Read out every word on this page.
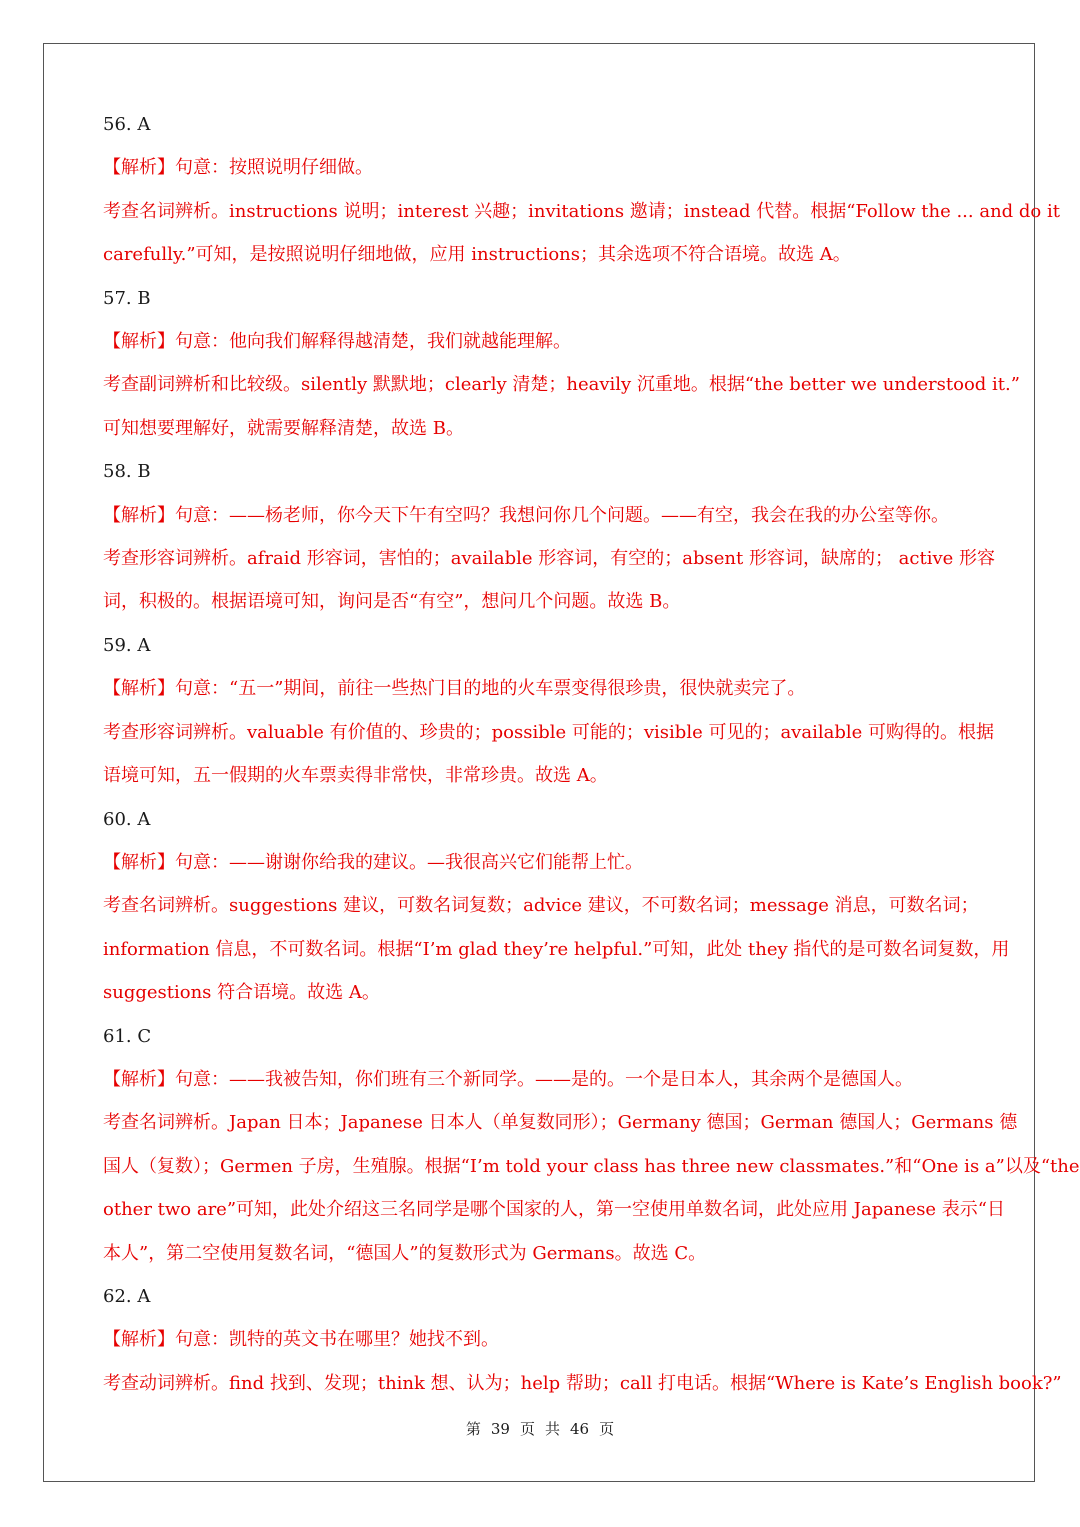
56. A
【解析】句意：按照说明仔细做。
考查名词辨析。instructions 说明；interest 兴趣；invitations 邀请；instead 代替。根据“Follow the ... and do it
carefully.”可知，是按照说明仔细地做，应用 instructions；其余选项不符合语境。故选 A。
57. B
【解析】句意：他向我们解释得越清楚，我们就越能理解。
考查副词辨析和比较级。silently 默默地；clearly 清楚；heavily 沉重地。根据“the better we understood it.”
可知想要理解好，就需要解释清楚，故选 B。
58. B
【解析】句意：——杨老师，你今天下午有空吗？我想问你几个问题。——有空，我会在我的办公室等你。
考查形容词辨析。afraid 形容词，害怕的；available 形容词，有空的；absent 形容词，缺席的； active 形容
词，积极的。根据语境可知，询问是否“有空”，想问几个问题。故选 B。
59. A
【解析】句意：“五一”期间，前往一些热门目的地的火车票变得很珍贵，很快就卖完了。
考查形容词辨析。valuable 有价值的、珍贵的；possible 可能的；visible 可见的；available 可购得的。根据
语境可知，五一假期的火车票卖得非常快，非常珍贵。故选 A。
60. A
【解析】句意：——谢谢你给我的建议。—我很高兴它们能帮上忙。
考查名词辨析。suggestions 建议，可数名词复数；advice 建议，不可数名词；message 消息，可数名词；
information 信息，不可数名词。根据“I’m glad they’re helpful.”可知，此处 they 指代的是可数名词复数，用
suggestions 符合语境。故选 A。
61. C
【解析】句意：——我被告知，你们班有三个新同学。——是的。一个是日本人，其余两个是德国人。
考查名词辨析。Japan 日本；Japanese 日本人（单复数同形）；Germany 德国；German 德国人；Germans 德
国人（复数）；Germen 子房，生殖腺。根据“I’m told your class has three new classmates.”和“One is a”以及“the
other two are”可知，此处介绍这三名同学是哪个国家的人，第一空使用单数名词，此处应用 Japanese 表示“日
本人”，第二空使用复数名词，“德国人”的复数形式为 Germans。故选 C。
62. A
【解析】句意：凯特的英文书在哪里？她找不到。
考查动词辨析。find 找到、发现；think 想、认为；help 帮助；call 打电话。根据“Where is Kate’s English book?”
第 39 页 共 46 页
